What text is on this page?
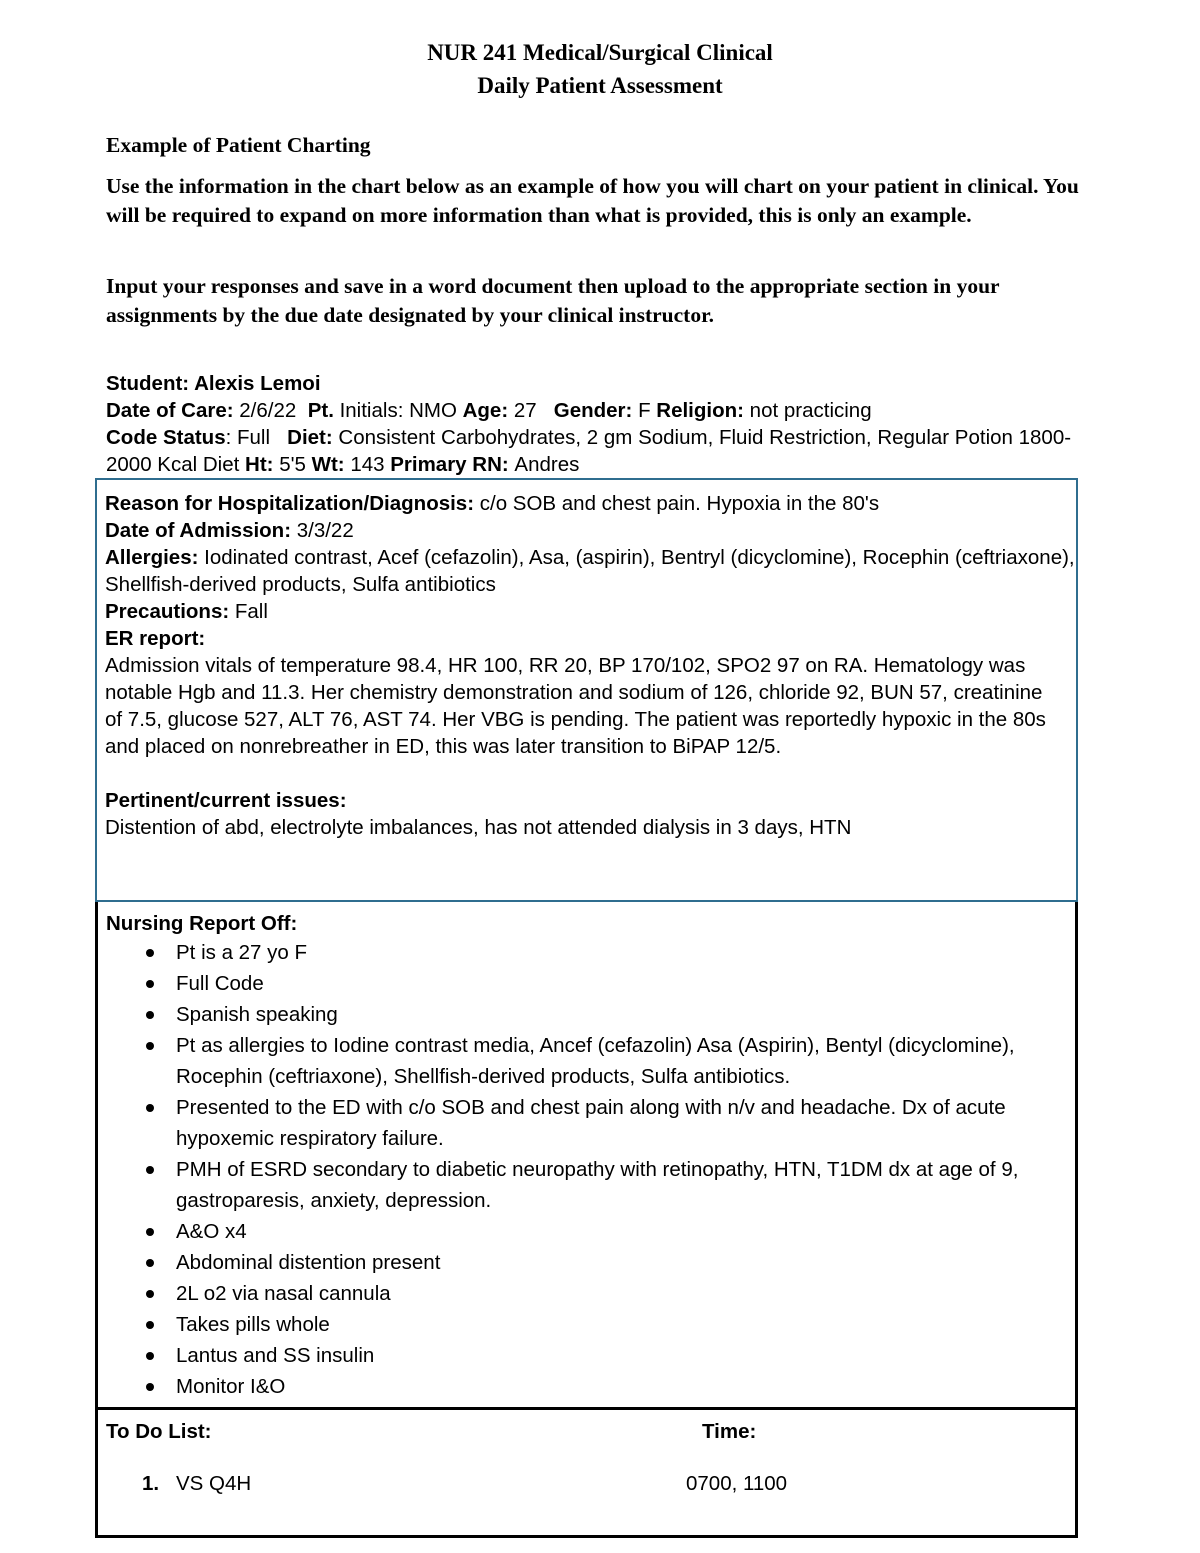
NUR 241 Medical/Surgical Clinical
Daily Patient Assessment

Example of Patient Charting

Use the information in the chart below as an example of how you will chart on your patient in clinical. You will be required to expand on more information than what is provided, this is only an example.

Input your responses and save in a word document then upload to the appropriate section in your assignments by the due date designated by your clinical instructor.

Student: Alexis Lemoi
Date of Care: 2/6/22 Pt. Initials: NMO Age: 27   Gender: F Religion: not practicing
Code Status: Full   Diet: Consistent Carbohydrates, 2 gm Sodium, Fluid Restriction, Regular Potion 1800-2000 Kcal Diet Ht: 5'5 Wt: 143 Primary RN: Andres
Reason for Hospitalization/Diagnosis: c/o SOB and chest pain. Hypoxia in the 80's
Date of Admission: 3/3/22
Allergies: Iodinated contrast, Acef (cefazolin), Asa, (aspirin), Bentryl (dicyclomine), Rocephin (ceftriaxone), Shellfish-derived products, Sulfa antibiotics
Precautions: Fall
ER report:
Admission vitals of temperature 98.4, HR 100, RR 20, BP 170/102, SPO2 97 on RA. Hematology was notable Hgb and 11.3. Her chemistry demonstration and sodium of 126, chloride 92, BUN 57, creatinine of 7.5, glucose 527, ALT 76, AST 74. Her VBG is pending. The patient was reportedly hypoxic in the 80s and placed on nonrebreather in ED, this was later transition to BiPAP 12/5.
Pertinent/current issues:
Distention of abd, electrolyte imbalances, has not attended dialysis in 3 days, HTN
Nursing Report Off:
Pt is a 27 yo F
Full Code
Spanish speaking
Pt as allergies to Iodine contrast media, Ancef (cefazolin) Asa (Aspirin), Bentyl (dicyclomine), Rocephin (ceftriaxone), Shellfish-derived products, Sulfa antibiotics.
Presented to the ED with c/o SOB and chest pain along with n/v and headache. Dx of acute hypoxemic respiratory failure.
PMH of ESRD secondary to diabetic neuropathy with retinopathy, HTN, T1DM dx at age of 9, gastroparesis, anxiety, depression.
A&O x4
Abdominal distention present
2L o2 via nasal cannula
Takes pills whole
Lantus and SS insulin
Monitor I&O
To Do List:	Time:
1. VS Q4H	0700, 1100
